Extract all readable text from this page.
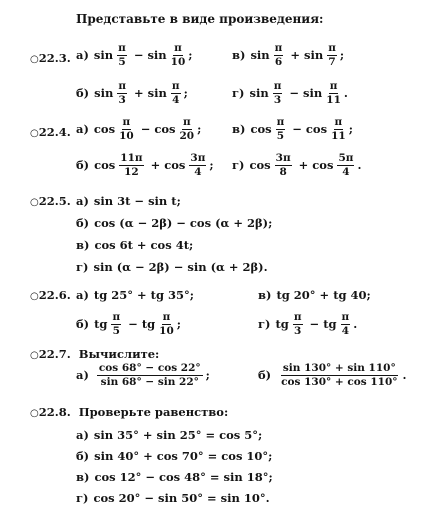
Представьте в виде произведения:
○22.3. а) $\sin \frac{\pi}{5} - \sin \frac{\pi}{10}$ ;	в) $\sin \frac{\pi}{6} + \sin \frac{\pi}{7}$ ;
б) $\sin \frac{\pi}{3} + \sin \frac{\pi}{4}$ ;	г) $\sin \frac{\pi}{3} - \sin \frac{\pi}{11}$ .
○22.4. а) $\cos \frac{\pi}{10} - \cos \frac{\pi}{20}$ ;	в) $\cos \frac{\pi}{5} - \cos \frac{\pi}{11}$ ;
б) $\cos \frac{11\pi}{12} + \cos \frac{3\pi}{4}$ ; г) $\cos \frac{3\pi}{8} + \cos \frac{5\pi}{4}$ .
○22.5. а) sin 3t − sin t;
б) cos (α − 2β) − cos (α + 2β);
в) cos 6t + cos 4t;
г) sin (α − 2β) − sin (α + 2β).
○22.6. а) tg 25° + tg 35°;	в) tg 20° + tg 40;
б) tg $\frac{\pi}{5}$ − tg $\frac{\pi}{10}$ ;	г) tg $\frac{\pi}{3}$ − tg $\frac{\pi}{4}$ .
○22.7. Вычислите:
$а) \frac{\cos 68^\circ - \cos 22^\circ}{\sin 68^\circ - \sin 22^\circ}$ ;	$б) \frac{\sin 130^\circ + \sin 110^\circ}{\cos 130^\circ + \cos 110^\circ}$ .
○22.8. Проверьте равенство:
а) sin 35° + sin 25° = cos 5°;
б) sin 40° + cos 70° = cos 10°;
в) cos 12° − cos 48° = sin 18°;
г) cos 20° − sin 50° = sin 10°.
